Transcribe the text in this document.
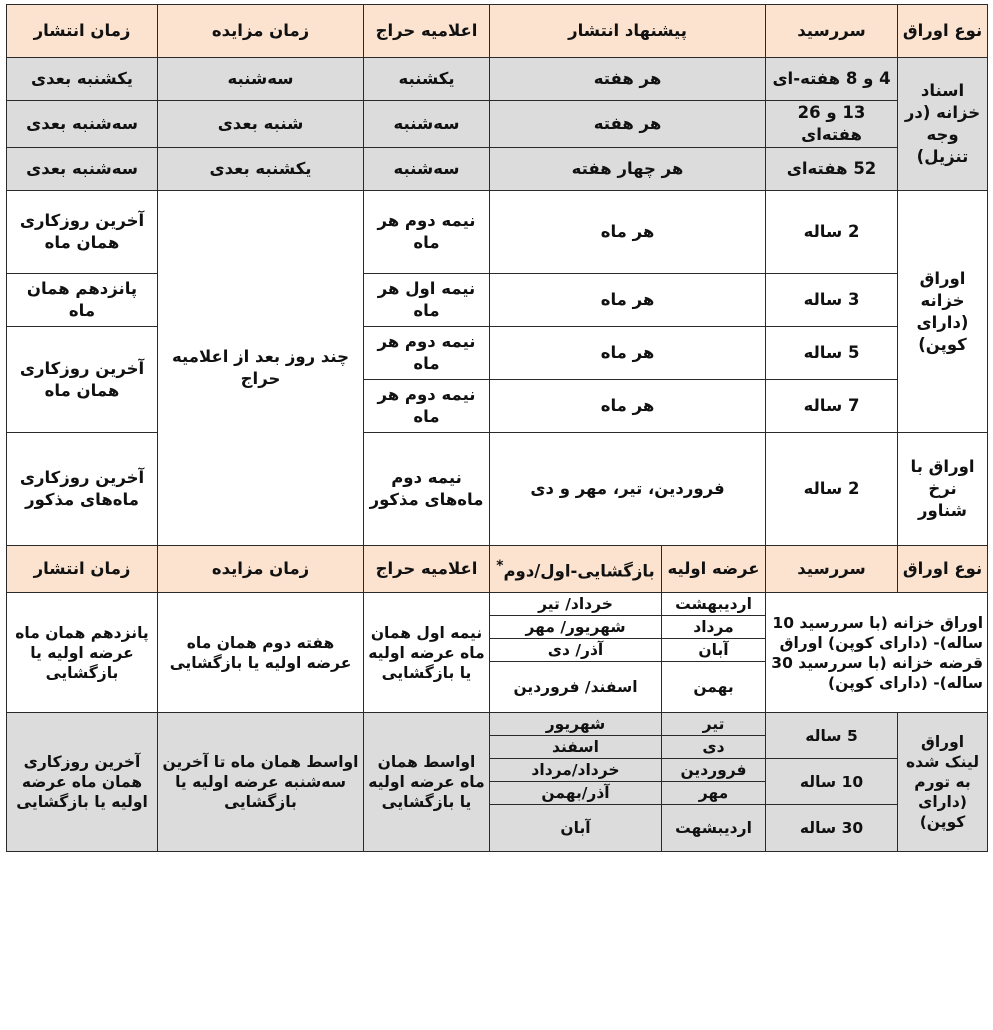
نوع اوراق	سررسید	پیشنهاد انتشار		اعلامیه حراج	زمان مزایده	زمان انتشار
اسناد خزانه (در وجه تنزیل)	4 و 8 هفته-ای	هر هفته		یکشنبه	سه‌شنبه	یکشنبه بعدی
	13 و 26 هفته‌ای	هر هفته		سه‌شنبه	شنبه بعدی	سه‌شنبه بعدی
	52 هفته‌ای	هر چهار هفته		سه‌شنبه	یکشنبه بعدی	سه‌شنبه بعدی
اوراق خزانه (دارای کوپن)	2 ساله	هر ماه		نیمه دوم هر ماه	چند روز بعد از اعلامیه حراج	آخرین روزکاری همان ماه
	3 ساله	هر ماه		نیمه اول هر ماه		پانزدهم همان ماه
	5 ساله	هر ماه		نیمه دوم هر ماه		آخرین روزکاری همان ماه
	7 ساله	هر ماه		نیمه دوم هر ماه		
اوراق با نرخ شناور	2 ساله	فروردین، تیر، مهر و دی		نیمه دوم ماه‌های مذکور		آخرین روزکاری ماه‌های مذکور
نوع اوراق	سررسید	عرضه اولیه	بازگشایی-اول/دوم*	اعلامیه حراج	زمان مزایده	زمان انتشار
اوراق خزانه (با سررسید 10 ساله)- (دارای کوپن) اوراق قرضه خزانه (با سررسید 30 ساله)- (دارای کوپن)		اردیبهشت	خرداد/ تیر	نیمه اول همان ماه عرضه اولیه یا بازگشایی	هفته دوم همان ماه عرضه اولیه یا بازگشایی	پانزدهم همان ماه عرضه اولیه یا بازگشایی
		مرداد	شهریور/ مهر			
		آبان	آذر/ دی			
		بهمن	اسفند/ فروردین			
اوراق لینک شده به تورم (دارای کوپن)	5 ساله	تیر	شهریور	اواسط همان ماه عرضه اولیه یا بازگشایی	اواسط همان ماه تا آخرین سه‌شنبه عرضه اولیه یا بازگشایی	آخرین روزکاری همان ماه عرضه اولیه یا بازگشایی
		دی	اسفند			
	10 ساله	فروردین	خرداد/مرداد			
		مهر	آذر/بهمن			
	30 ساله	اردیبشهت	آبان			
